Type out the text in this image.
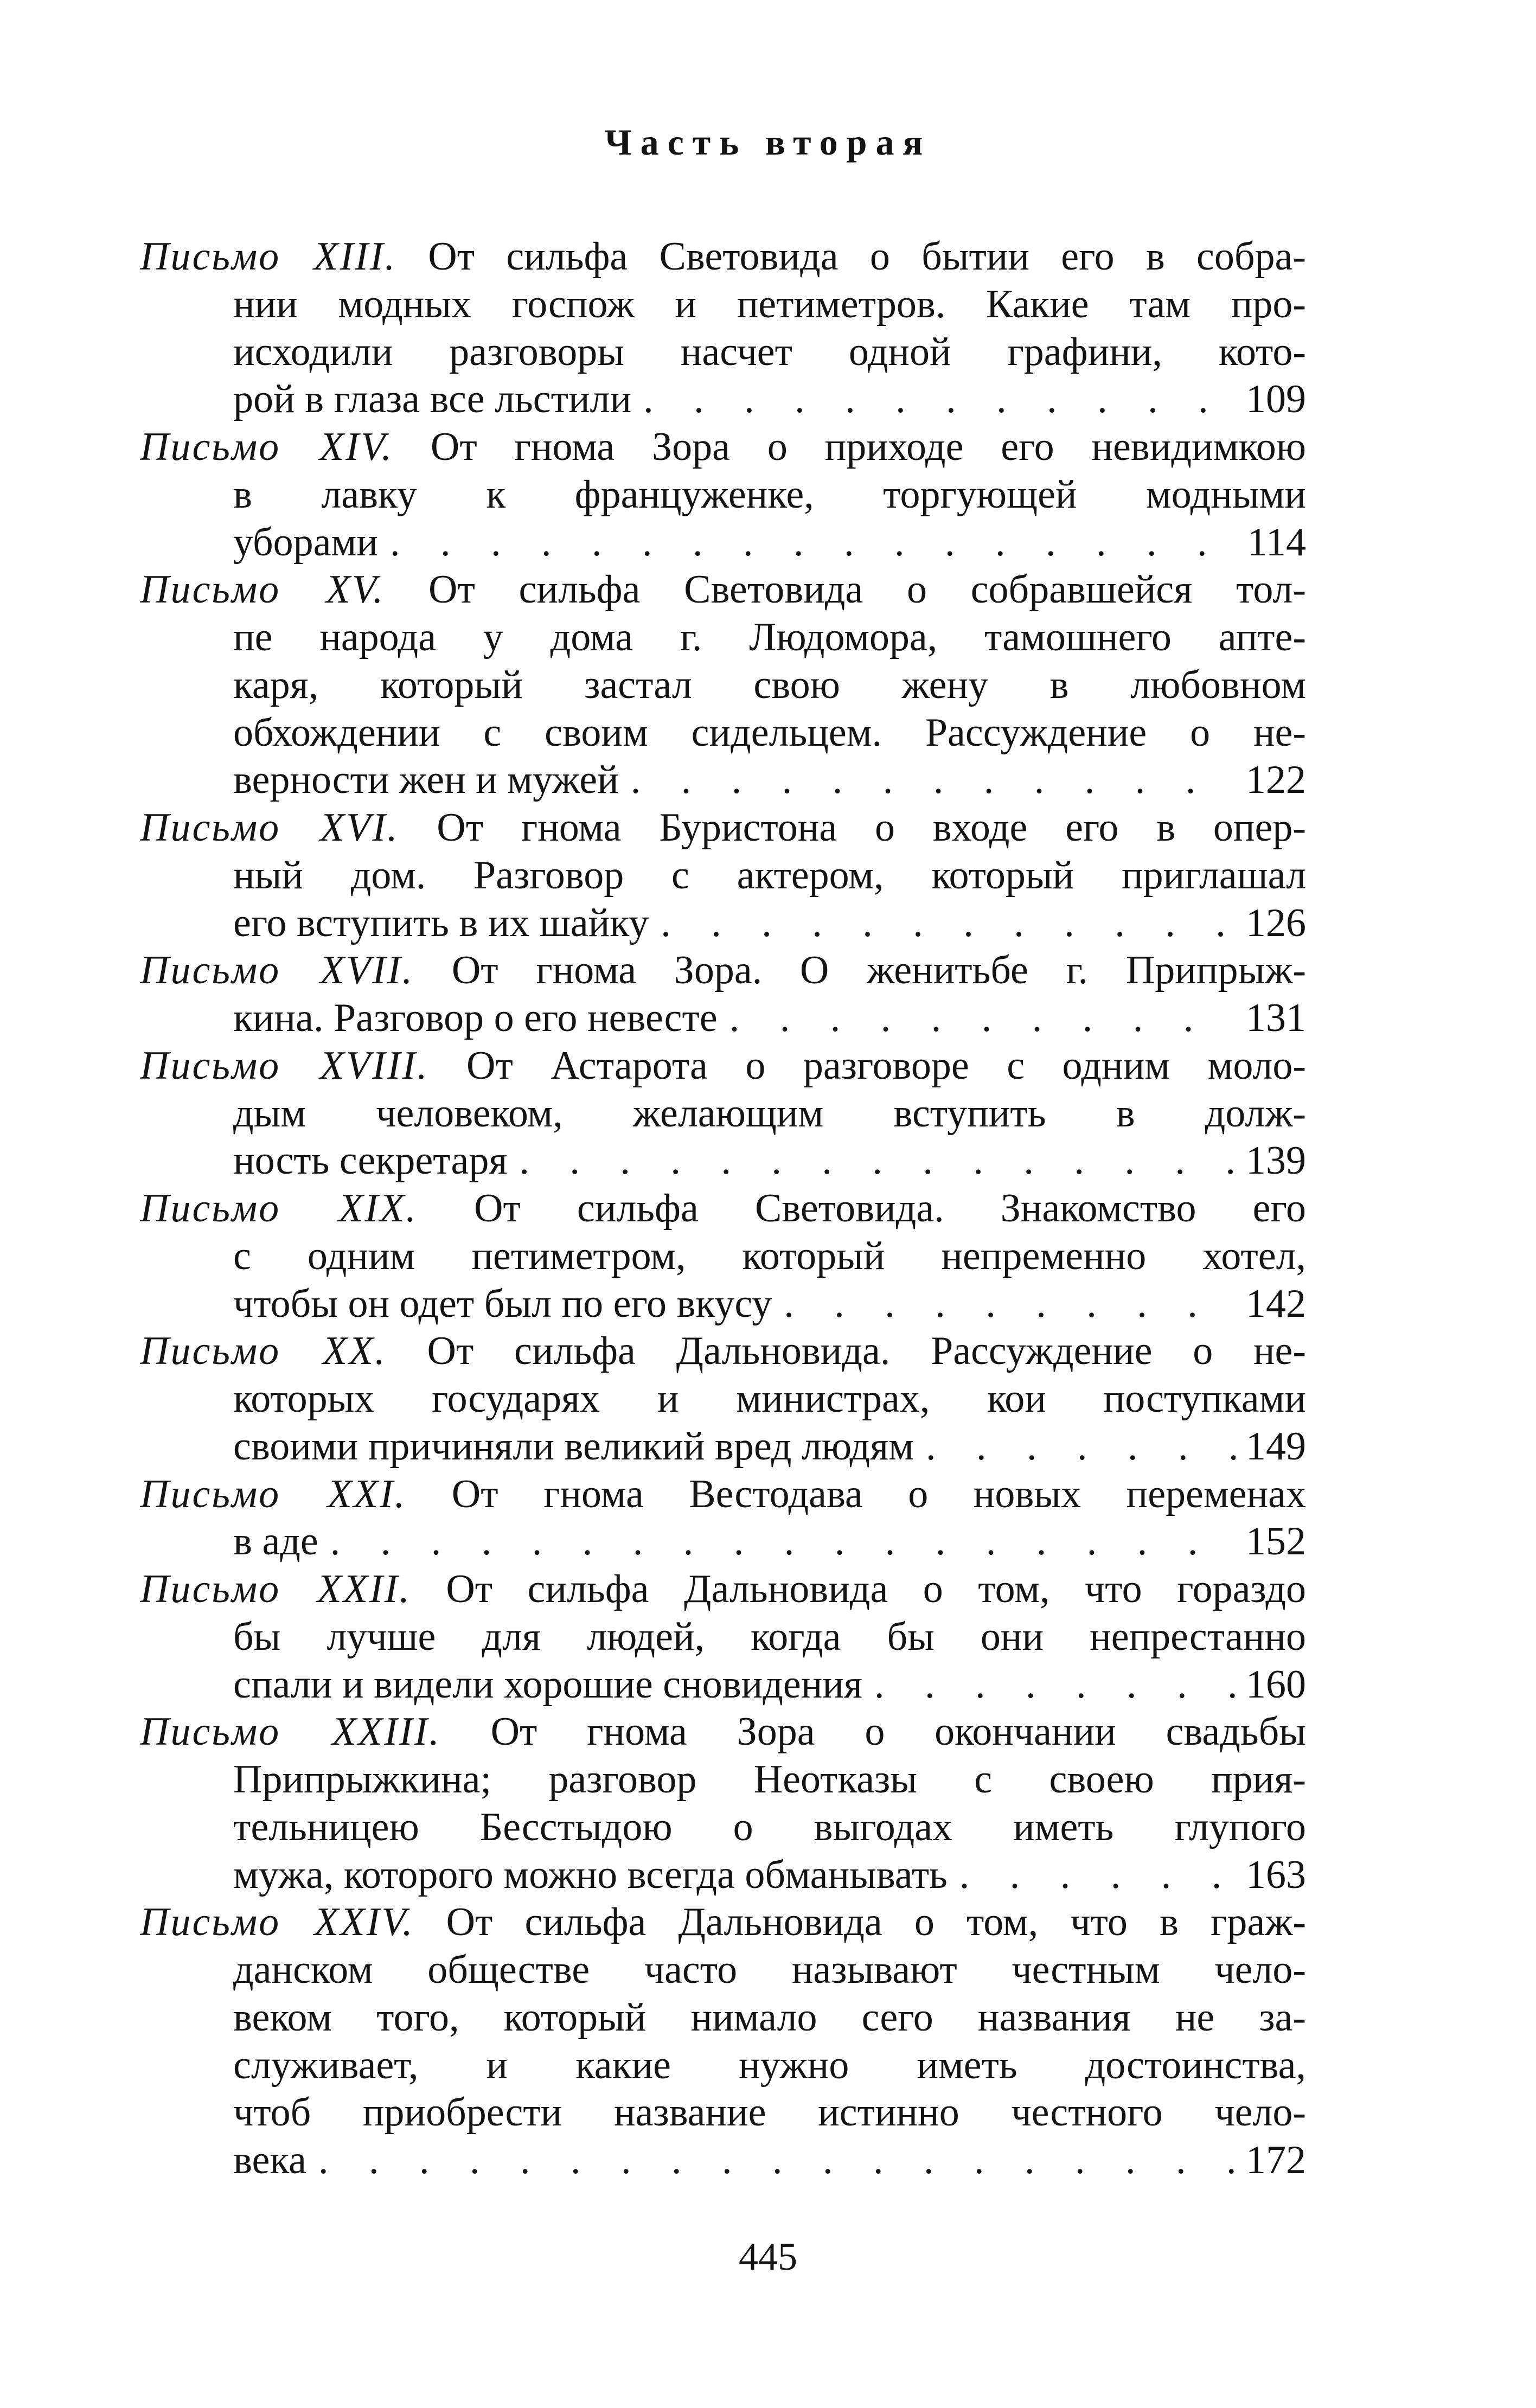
Часть вторая
Письмо XIII. От сильфа Световида о бытии его в собра-
нии модных госпож и петиметров. Какие там про-
исходили разговоры насчет одной графини, кото-
рой в глаза все льстили . . .	109
Письмо XIV. От гнома Зора о приходе его невидимкою
в лавку к француженке, торгующей модными
уборами . . .	114
Письмо XV. От сильфа Световида о собравшейся тол-
пе народа у дома г. Людомора, тамошнего апте-
каря, который застал свою жену в любовном
обхождении с своим сидельцем. Рассуждение о не-
верности жен и мужей . . .	122
Письмо XVI. От гнома Буристона о входе его в опер-
ный дом. Разговор с актером, который приглашал
его вступить в их шайку . . .	126
Письмо XVII. От гнома Зора. О женитьбе г. Припрыж-
кина. Разговор о его невесте . . .	131
Письмо XVIII. От Астарота о разговоре с одним моло-
дым человеком, желающим вступить в долж-
ность секретаря . . .	139
Письмо XIX. От сильфа Световида. Знакомство его
с одним петиметром, который непременно хотел,
чтобы он одет был по его вкусу . . .	142
Письмо XX. От сильфа Дальновида. Рассуждение о не-
которых государях и министрах, кои поступками
своими причиняли великий вред людям . . .	149
Письмо XXI. От гнома Вестодава о новых переменах
в аде . . .	152
Письмо XXII. От сильфа Дальновида о том, что гораздо
бы лучше для людей, когда бы они непрестанно
спали и видели хорошие сновидения . . .	160
Письмо XXIII. От гнома Зора о окончании свадьбы
Припрыжкина; разговор Неотказы с своею прия-
тельницею Бесстыдою о выгодах иметь глупого
мужа, которого можно всегда обманывать . . .	163
Письмо XXIV. От сильфа Дальновида о том, что в граж-
данском обществе часто называют честным чело-
веком того, который нимало сего названия не за-
служивает, и какие нужно иметь достоинства,
чтоб приобрести название истинно честного чело-
века . . .	172
445
